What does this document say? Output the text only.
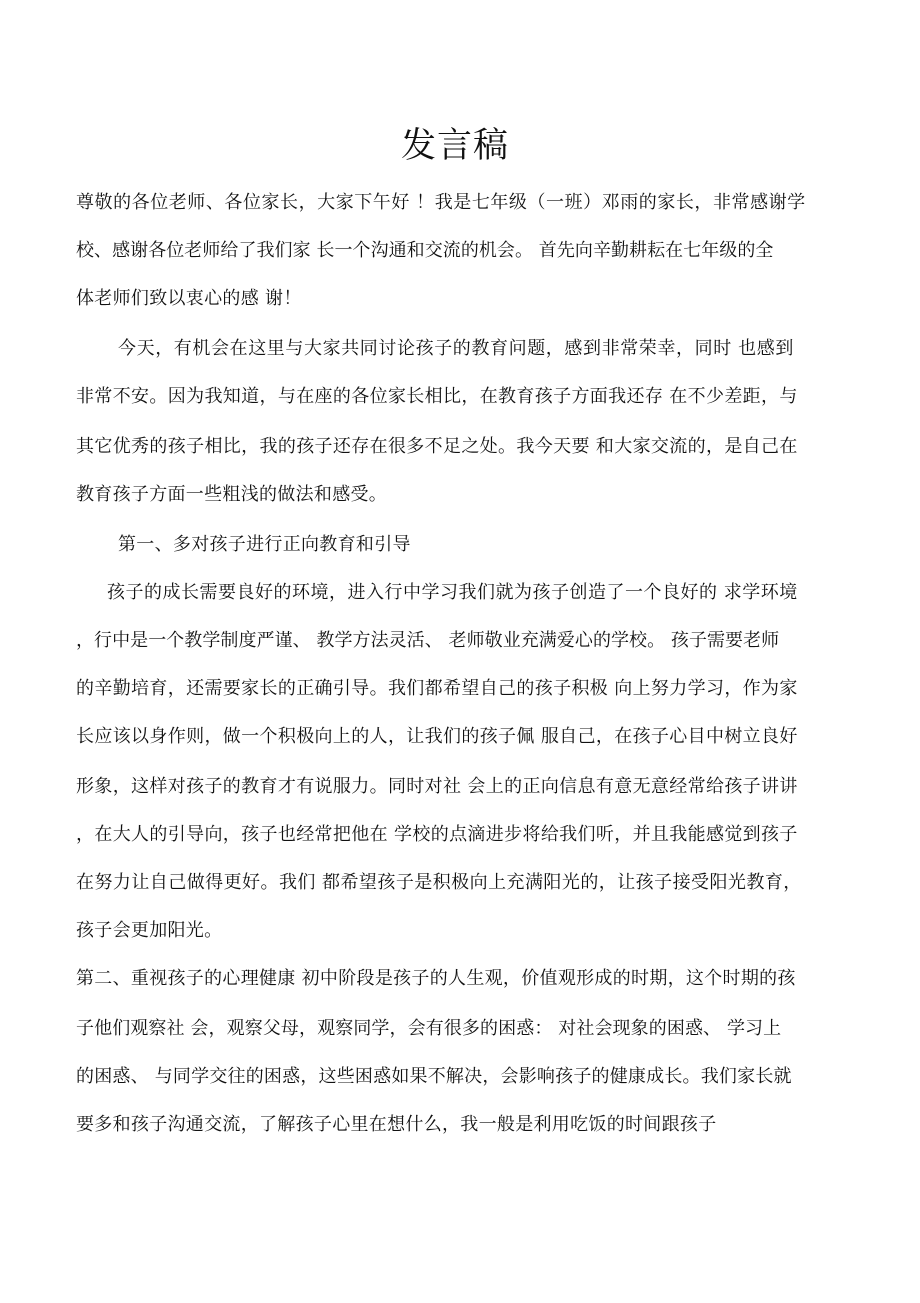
发言稿
尊敬的各位老师、各位家长，大家下午好 ！我是七年级（一班）邓雨的家长，非常感谢学
校、感谢各位老师给了我们家 长一个沟通和交流的机会。 首先向辛勤耕耘在七年级的全
体老师们致以衷心的感 谢！
今天，有机会在这里与大家共同讨论孩子的教育问题，感到非常荣幸，同时 也感到
非常不安。因为我知道，与在座的各位家长相比，在教育孩子方面我还存 在不少差距，与
其它优秀的孩子相比，我的孩子还存在很多不足之处。我今天要 和大家交流的，是自己在
教育孩子方面一些粗浅的做法和感受。
第一、多对孩子进行正向教育和引导
孩子的成长需要良好的环境，进入行中学习我们就为孩子创造了一个良好的 求学环境
，行中是一个教学制度严谨、 教学方法灵活、 老师敬业充满爱心的学校。 孩子需要老师
的辛勤培育，还需要家长的正确引导。我们都希望自己的孩子积极 向上努力学习，作为家
长应该以身作则，做一个积极向上的人，让我们的孩子佩 服自己，在孩子心目中树立良好
形象，这样对孩子的教育才有说服力。同时对社 会上的正向信息有意无意经常给孩子讲讲
，在大人的引导向，孩子也经常把他在 学校的点滴进步将给我们听，并且我能感觉到孩子
在努力让自己做得更好。我们 都希望孩子是积极向上充满阳光的，让孩子接受阳光教育，
孩子会更加阳光。
第二、重视孩子的心理健康 初中阶段是孩子的人生观，价值观形成的时期，这个时期的孩
子他们观察社 会，观察父母，观察同学，会有很多的困惑： 对社会现象的困惑、 学习上
的困惑、 与同学交往的困惑，这些困惑如果不解决，会影响孩子的健康成长。我们家长就
要多和孩子沟通交流，了解孩子心里在想什么，我一般是利用吃饭的时间跟孩子
